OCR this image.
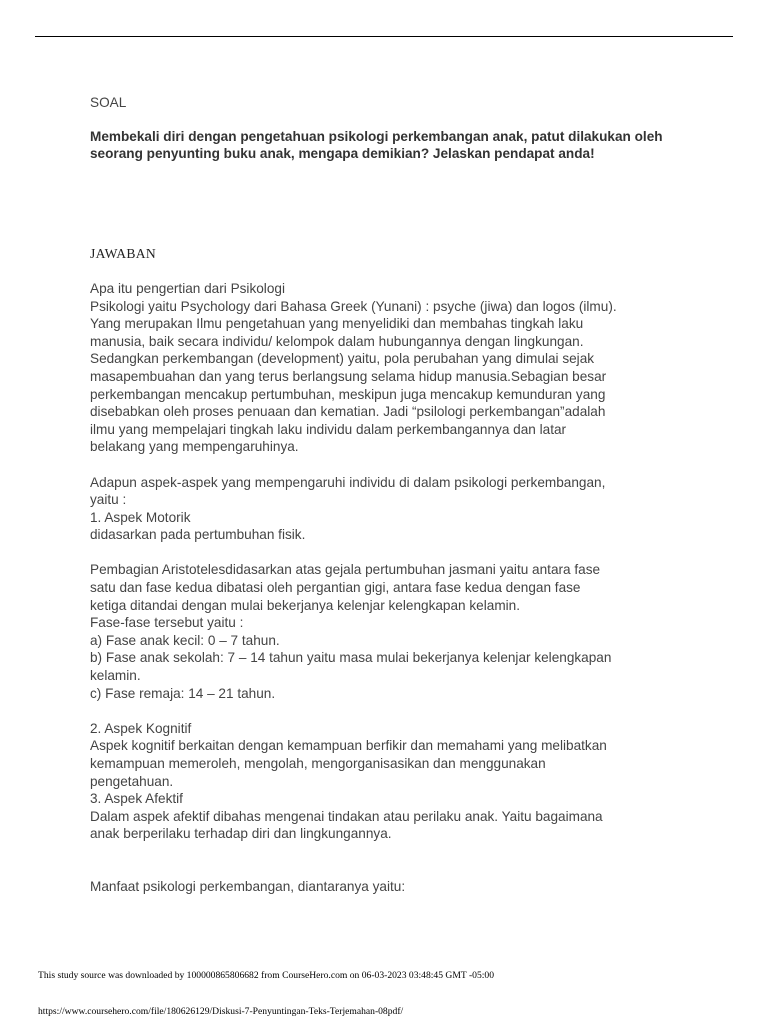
SOAL

Membekali diri dengan pengetahuan psikologi perkembangan anak, patut dilakukan oleh seorang penyunting buku anak, mengapa demikian? Jelaskan pendapat anda!

JAWABAN

Apa itu pengertian dari Psikologi

Psikologi yaitu Psychology dari Bahasa Greek (Yunani) : psyche (jiwa) dan logos (ilmu).

Yang merupakan Ilmu pengetahuan yang menyelidiki dan membahas tingkah laku

manusia, baik secara individu/ kelompok dalam hubungannya dengan lingkungan.

Sedangkan perkembangan (development) yaitu, pola perubahan yang dimulai sejak

masapembuahan dan yang terus berlangsung selama hidup manusia.Sebagian besar

perkembangan mencakup pertumbuhan, meskipun juga mencakup kemunduran yang

disebabkan oleh proses penuaan dan kematian. Jadi “psilologi perkembangan”adalah

ilmu yang mempelajari tingkah laku individu dalam perkembangannya dan latar

belakang yang mempengaruhinya.

Adapun aspek-aspek yang mempengaruhi individu di dalam psikologi perkembangan,

yaitu :

1. Aspek Motorik

didasarkan pada pertumbuhan fisik.

Pembagian Aristotelesdidasarkan atas gejala pertumbuhan jasmani yaitu antara fase

satu dan fase kedua dibatasi oleh pergantian gigi, antara fase kedua dengan fase

ketiga ditandai dengan mulai bekerjanya kelenjar kelengkapan kelamin.

Fase-fase tersebut yaitu :

a) Fase anak kecil: 0 – 7 tahun.

b) Fase anak sekolah: 7 – 14 tahun yaitu masa mulai bekerjanya kelenjar kelengkapan

kelamin.

c) Fase remaja: 14 – 21 tahun.

2. Aspek Kognitif

Aspek kognitif berkaitan dengan kemampuan berfikir dan memahami yang melibatkan

kemampuan memeroleh, mengolah, mengorganisasikan dan menggunakan

pengetahuan.

3. Aspek Afektif

Dalam aspek afektif dibahas mengenai tindakan atau perilaku anak. Yaitu bagaimana

anak berperilaku terhadap diri dan lingkungannya.

Manfaat psikologi perkembangan, diantaranya yaitu:

This study source was downloaded by 100000865806682 from CourseHero.com on 06-03-2023 03:48:45 GMT -05:00
https://www.coursehero.com/file/180626129/Diskusi-7-Penyuntingan-Teks-Terjemahan-08pdf/
